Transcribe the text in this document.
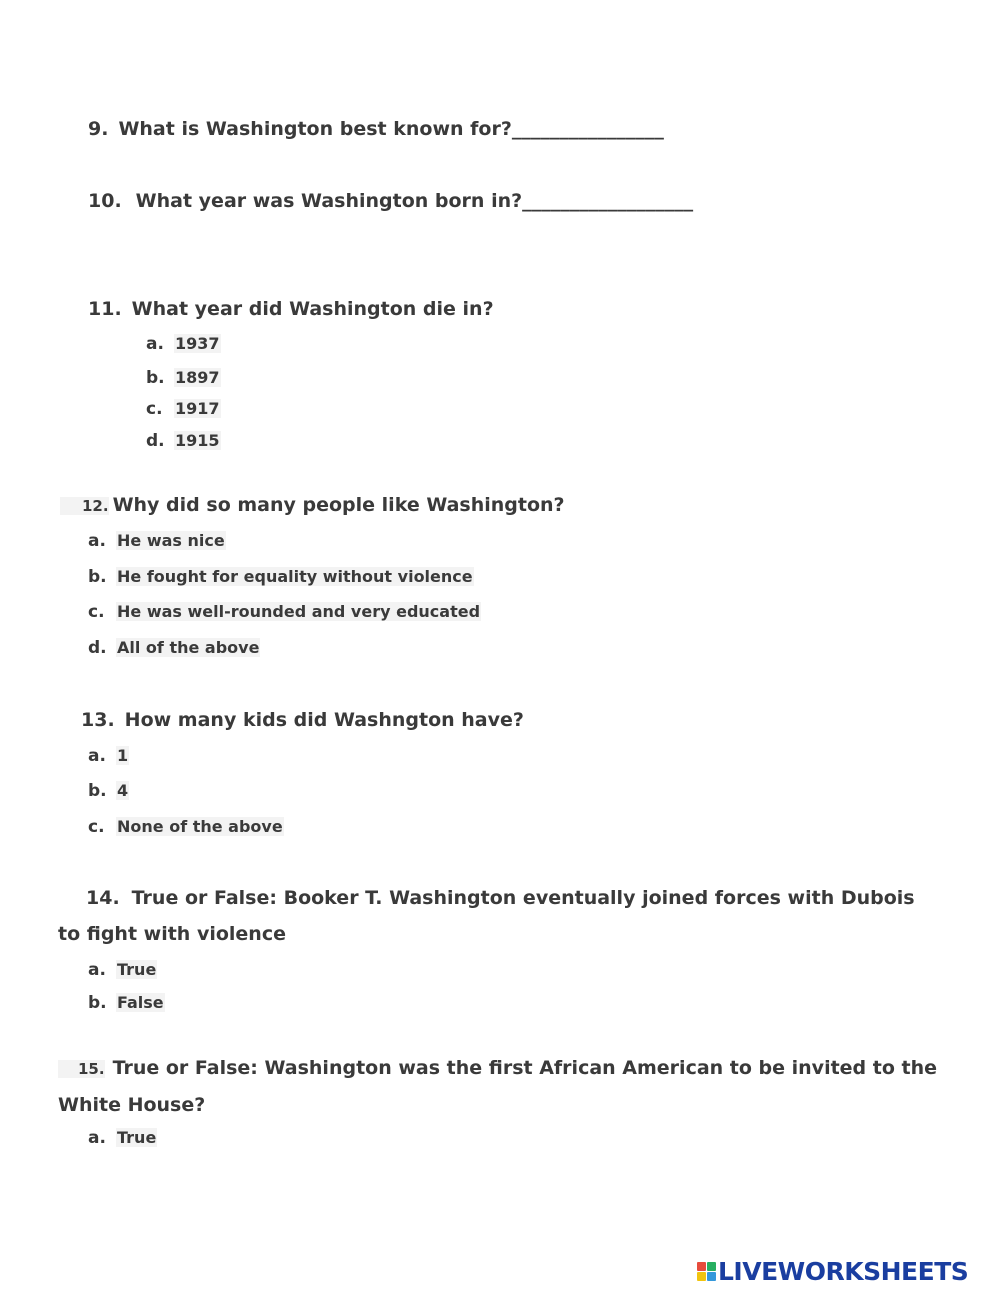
9. What is Washington best known for?________________
10. What year was Washington born in?__________________
11. What year did Washington die in?
a. 1937
b. 1897
c. 1917
d. 1915
12. Why did so many people like Washington?
a. He was nice
b. He fought for equality without violence
c. He was well-rounded and very educated
d. All of the above
13. How many kids did Washngton have?
a. 1
b. 4
c. None of the above
14. True or False: Booker T. Washington eventually joined forces with Dubois to fight with violence
a. True
b. False
15. True or False: Washington was the first African American to be invited to the White House?
a. True
LIVEWORKSHEETS
